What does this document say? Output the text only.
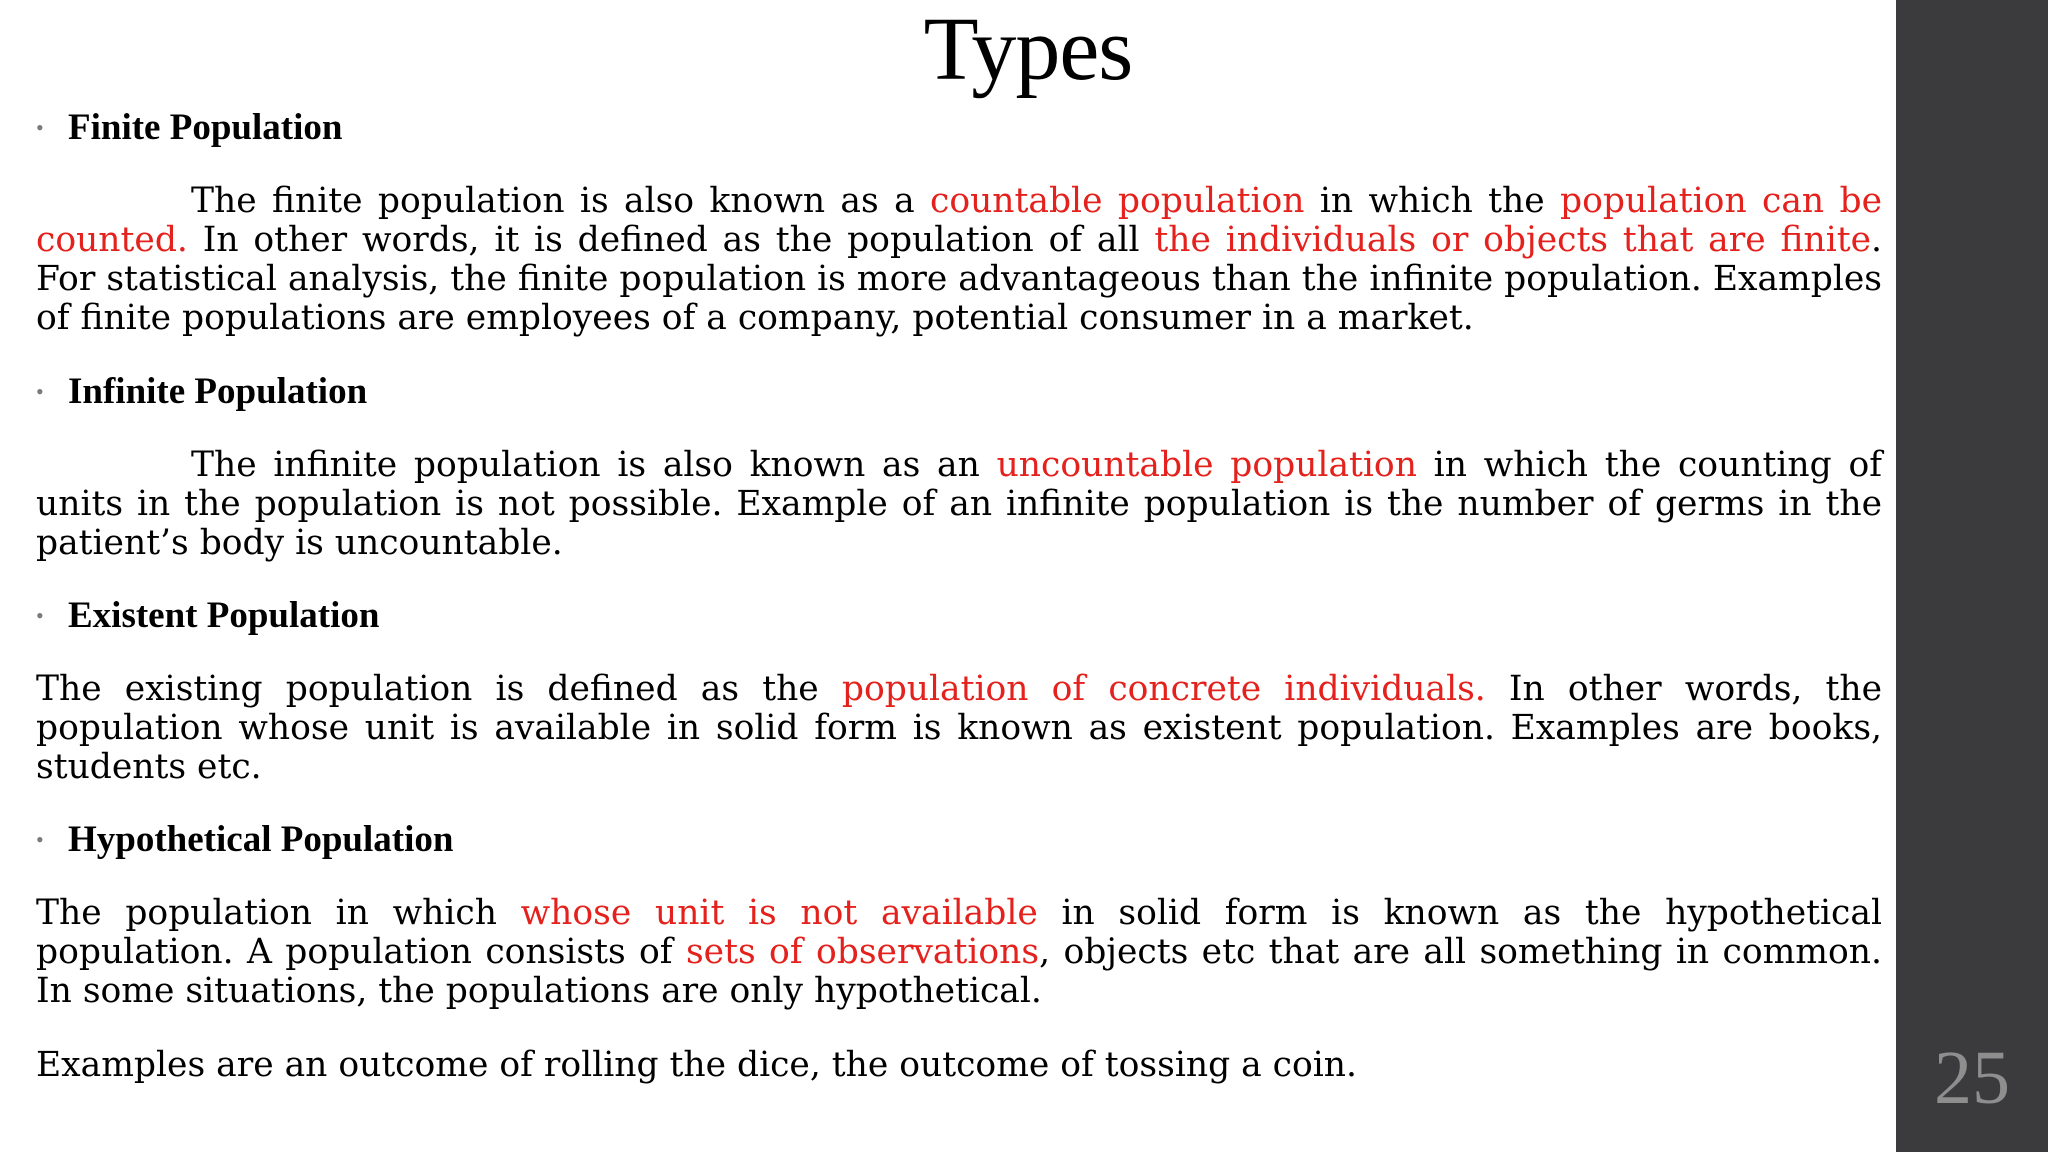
Types
• Finite Population

The finite population is also known as a countable population in which the population can be counted. In other words, it is defined as the population of all the individuals or objects that are finite. For statistical analysis, the finite population is more advantageous than the infinite population. Examples of finite populations are employees of a company, potential consumer in a market.

• Infinite Population

The infinite population is also known as an uncountable population in which the counting of units in the population is not possible. Example of an infinite population is the number of germs in the patient’s body is uncountable.

• Existent Population

The existing population is defined as the population of concrete individuals. In other words, the population whose unit is available in solid form is known as existent population. Examples are books, students etc.

• Hypothetical Population

The population in which whose unit is not available in solid form is known as the hypothetical population. A population consists of sets of observations, objects etc that are all something in common. In some situations, the populations are only hypothetical.

Examples are an outcome of rolling the dice, the outcome of tossing a coin.	25
